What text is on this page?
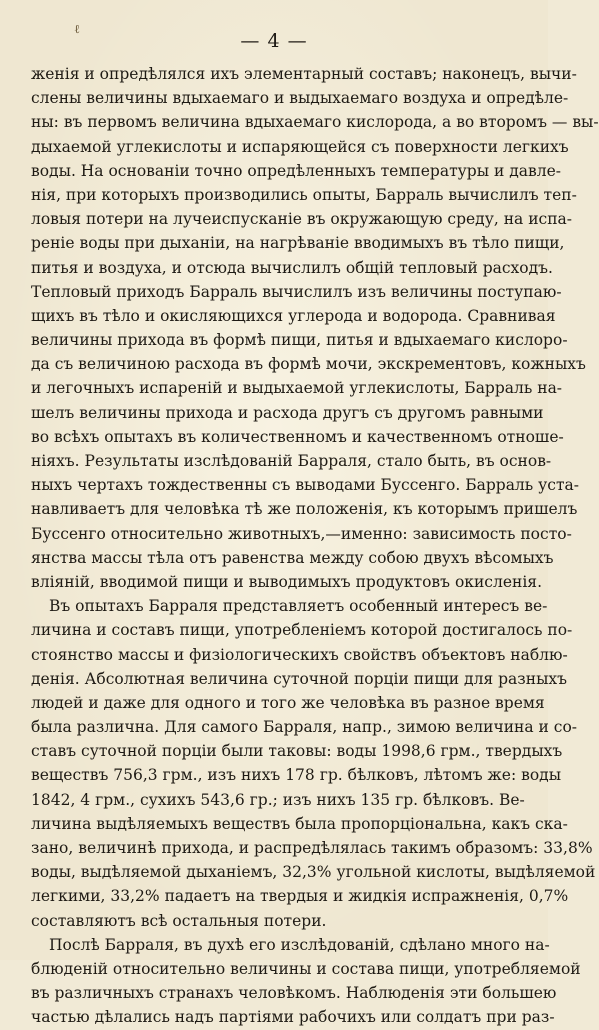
ℓ
— 4 —
женія и опредѣлялся ихъ элементарный составъ; наконецъ, вычи-
слены величины вдыхаемаго и выдыхаемаго воздуха и опредѣле-
ны: въ первомъ величина вдыхаемаго кислорода, а во второмъ — вы-
дыхаемой углекислоты и испаряющейся съ поверхности легкихъ
воды. На основаніи точно опредѣленныхъ температуры и давле-
нія, при которыхъ производились опыты, Барраль вычислилъ теп-
ловыя потери на лучеиспусканіе въ окружающую среду, на испа-
реніе воды при дыханіи, на нагрѣваніе вводимыхъ въ тѣло пищи,
питья и воздуха, и отсюда вычислилъ общій тепловый расходъ.
Тепловый приходъ Барраль вычислилъ изъ величины поступаю-
щихъ въ тѣло и окисляющихся углерода и водорода. Сравнивая
величины прихода въ формѣ пищи, питья и вдыхаемаго кислоро-
да съ величиною расхода въ формѣ мочи, экскрементовъ, кожныхъ
и легочныхъ испареній и выдыхаемой углекислоты, Барраль на-
шелъ величины прихода и расхода другъ съ другомъ равными
во всѣхъ опытахъ въ количественномъ и качественномъ отноше-
ніяхъ. Результаты изслѣдованій Барраля, стало быть, въ основ-
ныхъ чертахъ тождественны съ выводами Буссенго. Барраль уста-
навливаетъ для человѣка тѣ же положенія, къ которымъ пришелъ
Буссенго относительно животныхъ,—именно: зависимость посто-
янства массы тѣла отъ равенства между собою двухъ вѣсомыхъ
вліяній, вводимой пищи и выводимыхъ продуктовъ окисленія.
Въ опытахъ Барраля представляетъ особенный интересъ ве-
личина и составъ пищи, употребленіемъ которой достигалось по-
стоянство массы и физіологическихъ свойствъ объектовъ наблю-
денія. Абсолютная величина суточной порціи пищи для разныхъ
людей и даже для одного и того же человѣка въ разное время
была различна. Для самого Барраля, напр., зимою величина и со-
ставъ суточной порціи были таковы: воды 1998,6 грм., твердыхъ
веществъ 756,3 грм., изъ нихъ 178 гр. бѣлковъ, лѣтомъ же: воды
1842, 4 грм., сухихъ 543,6 гр.; изъ нихъ 135 гр. бѣлковъ. Ве-
личина выдѣляемыхъ веществъ была пропорціональна, какъ ска-
зано, величинѣ прихода, и распредѣлялась такимъ образомъ: 33,8%
воды, выдѣляемой дыханіемъ, 32,3% угольной кислоты, выдѣляемой
легкими, 33,2% падаетъ на твердыя и жидкія испражненія, 0,7%
составляютъ всѣ остальныя потери.
Послѣ Барраля, въ духѣ его изслѣдованій, сдѣлано много на-
блюденій относительно величины и состава пищи, употребляемой
въ различныхъ странахъ человѣкомъ. Наблюденія эти большею
частью дѣлались надъ партіями рабочихъ или солдатъ при раз-
